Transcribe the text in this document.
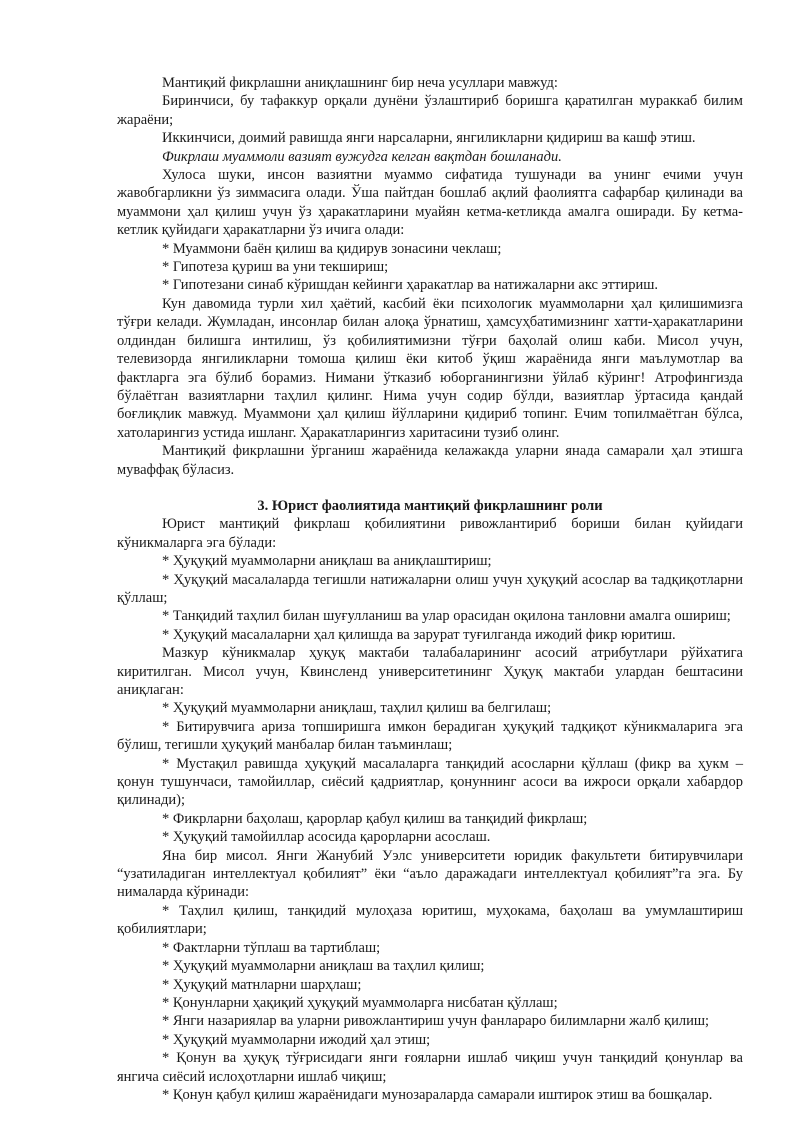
Мантиқий фикрлашни аниқлашнинг бир неча усуллари мавжуд:

Биринчиси, бу тафаккур орқали дунёни ўзлаштириб боришга қаратилган мураккаб билим жараёни;

Иккинчиси, доимий равишда янги нарсаларни, янгиликларни қидириш ва кашф этиш.

Фикрлаш муаммоли вазият вужудга келган вақтдан бошланади.

Хулоса шуки, инсон вазиятни муаммо сифатида тушунади ва унинг ечими учун жавобгарликни ўз зиммасига олади. Ўша пайтдан бошлаб ақлий фаолиятга сафарбар қилинади ва муаммони ҳал қилиш учун ўз ҳаракатларини муайян кетма-кетликда амалга оширади. Бу кетма-кетлик қуйидаги ҳаракатларни ўз ичига олади:

* Муаммони баён қилиш ва қидирув зонасини чеклаш;

* Гипотеза қуриш ва уни текшириш;

* Гипотезани синаб кўришдан кейинги ҳаракатлар ва натижаларни акс эттириш.

Кун давомида турли хил ҳаётий, касбий ёки психологик муаммоларни ҳал қилишимизга тўғри келади. Жумладан, инсонлар билан алоқа ўрнатиш, ҳамсуҳбатимизнинг хатти-ҳаракатларини олдиндан билишга интилиш, ўз қобилиятимизни тўғри баҳолай олиш каби. Мисол учун, телевизорда янгиликларни томоша қилиш ёки китоб ўқиш жараёнида янги маълумотлар ва фактларга эга бўлиб борамиз. Нимани ўтказиб юборганингизни ўйлаб кўринг! Атрофингизда бўлаётган вазиятларни таҳлил қилинг. Нима учун содир бўлди, вазиятлар ўртасида қандай боғлиқлик мавжуд. Муаммони ҳал қилиш йўлларини қидириб топинг. Ечим топилмаётган бўлса, хатоларингиз устида ишланг. Ҳаракатларингиз харитасини тузиб олинг.

Мантиқий фикрлашни ўрганиш жараёнида келажакда уларни янада самарали ҳал этишга муваффақ бўласиз.

3. Юрист фаолиятида мантиқий фикрлашнинг роли

Юрист мантиқий фикрлаш қобилиятини ривожлантириб бориши билан қуйидаги кўникмаларга эга бўлади:

* Ҳуқуқий муаммоларни аниқлаш ва аниқлаштириш;

* Ҳуқуқий масалаларда тегишли натижаларни олиш учун ҳуқуқий асослар ва тадқиқотларни қўллаш;

* Танқидий таҳлил билан шуғулланиш ва улар орасидан оқилона танловни амалга ошириш;

* Ҳуқуқий масалаларни ҳал қилишда ва зарурат туғилганда ижодий фикр юритиш.

Мазкур кўникмалар ҳуқуқ мактаби талабаларининг асосий атрибутлари рўйхатига киритилган. Мисол учун, Квинсленд университетининг Ҳуқуқ мактаби улардан бештасини аниқлаган:

* Ҳуқуқий муаммоларни аниқлаш, таҳлил қилиш ва белгилаш;

* Битирувчига ариза топширишга имкон берадиган ҳуқуқий тадқиқот кўникмаларига эга бўлиш, тегишли ҳуқуқий манбалар билан таъминлаш;

* Мустақил равишда ҳуқуқий масалаларга танқидий асосларни қўллаш (фикр ва ҳукм – қонун тушунчаси, тамойиллар, сиёсий қадриятлар, қонуннинг асоси ва ижроси орқали хабардор қилинади);

* Фикрларни баҳолаш, қарорлар қабул қилиш ва танқидий фикрлаш;

* Ҳуқуқий тамойиллар асосида қарорларни асослаш.

Яна бир мисол. Янги Жанубий Уэлс университети юридик факультети битирувчилари “узатиладиган интеллектуал қобилият” ёки “аъло даражадаги интеллектуал қобилият”га эга. Бу нималарда кўринади:

* Таҳлил қилиш, танқидий мулоҳаза юритиш, муҳокама, баҳолаш ва умумлаштириш қобилиятлари;

* Фактларни тўплаш ва тартиблаш;

* Ҳуқуқий муаммоларни аниқлаш ва таҳлил қилиш;

* Ҳуқуқий матнларни шарҳлаш;

* Қонунларни ҳақиқий ҳуқуқий муаммоларга нисбатан қўллаш;

* Янги назариялар ва уларни ривожлантириш учун фанлараро билимларни жалб қилиш;

* Ҳуқуқий муаммоларни ижодий ҳал этиш;

* Қонун ва ҳуқуқ тўғрисидаги янги ғояларни ишлаб чиқиш учун танқидий қонунлар ва янгича сиёсий ислоҳотларни ишлаб чиқиш;

* Қонун қабул қилиш жараёнидаги мунозараларда самарали иштирок этиш ва бошқалар.
